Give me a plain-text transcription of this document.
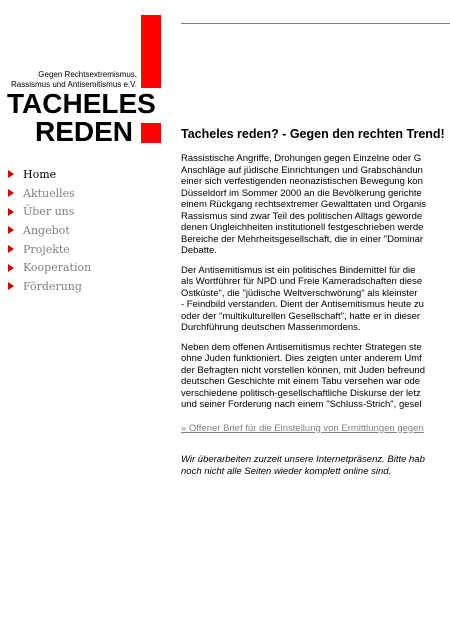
Gegen Rechtsextremismus,
Rassismus und Antisemitismus e.V.
TACHELES
REDEN
Home
Aktuelles
Über uns
Angebot
Projekte
Kooperation
Förderung
Tacheles reden? - Gegen den rechten Trend!

Rassistische Angriffe, Drohungen gegen Einzelne oder G
Anschläge auf jüdische Einrichtungen und Grabschändun
einer sich verfestigenden neonazistischen Bewegung kon
Düsseldorf im Sommer 2000 an die Bevölkerung gerichte
einem Rückgang rechtsextremer Gewalttaten und Organis
Rassismus sind zwar Teil des politischen Alltags geworde
denen Ungleichheiten institutionell festgeschrieben werde
Bereiche der Mehrheitsgesellschaft, die in einer "Dominar
Debatte.

Der Antisemitismus ist ein politisches Bindemittel für die
als Wortführer für NPD und Freie Kameradschaften diese
Ostküste", die "jüdische Weltverschwörung" als kleinster
- Feindbild verstanden. Dient der Antisemitismus heute zu
oder der "multikulturellen Gesellschaft", hatte er in dieser
Durchführung deutschen Massenmordens.

Neben dem offenen Antisemitismus rechter Strategen ste
ohne Juden funktioniert. Dies zeigten unter anderem Umf
der Befragten nicht vorstellen können, mit Juden befreund
deutschen Geschichte mit einem Tabu versehen war ode
verschiedene politisch-gesellschaftliche Diskurse der letz
und seiner Forderung nach einem "Schluss-Strich", gesel

» Offener Brief für die Einstellung von Ermittlungen gegen
Wir überarbeiten zurzeit unsere Internetpräsenz. Bitte hab
noch nicht alle Seiten wieder komplett online sind.
